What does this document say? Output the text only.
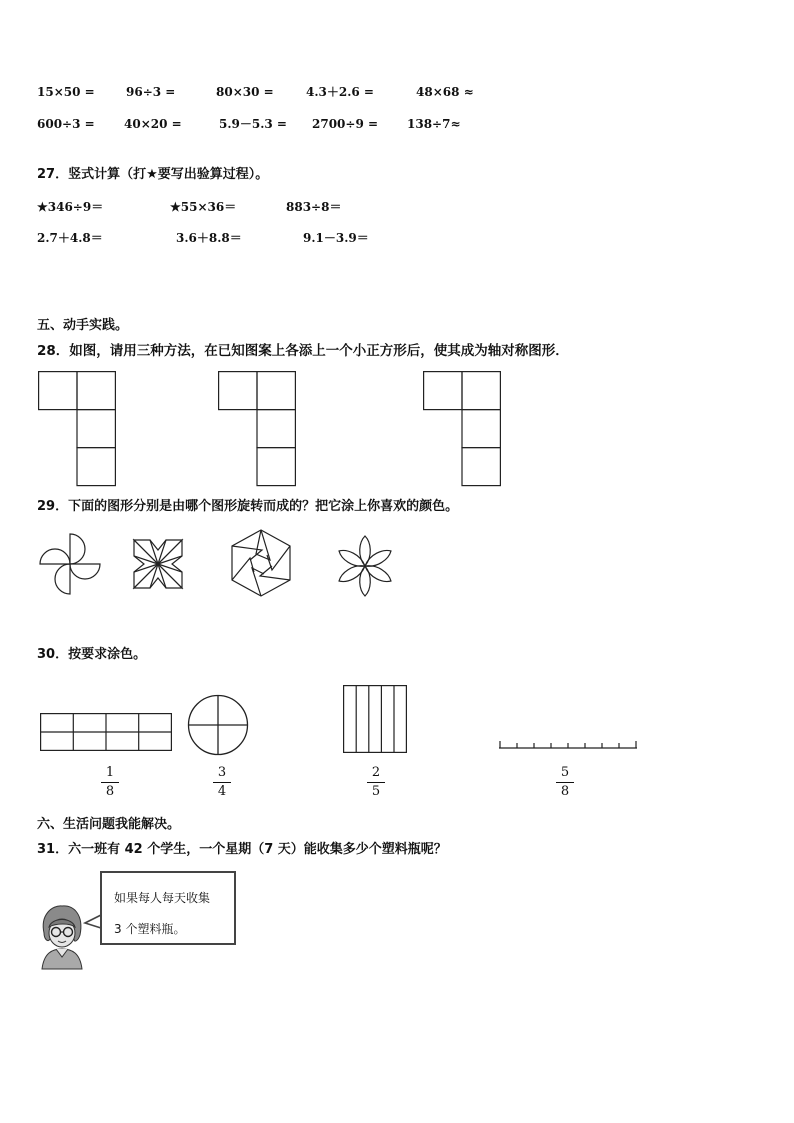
15×50 =	96÷3 =	80×30 =	4.3＋2.6 =	48×68 ≈
600÷3 = 40×20 =	5.9－5.3 = 2700÷9 = 138÷7≈
27．竖式计算（打★要写出验算过程）。
★346÷9＝	★55×36＝	883÷8＝
2.7＋4.8＝	3.6＋8.8＝	9.1－3.9＝
五、动手实践。
28．如图，请用三种方法，在已知图案上各添上一个小正方形后，使其成为轴对称图形．
29．下面的图形分别是由哪个图形旋转而成的？把它涂上你喜欢的颜色。
30．按要求涂色。
1
8
3
4
2
5
5
8
六、生活问题我能解决。
31．六一班有 42 个学生，一个星期（7 天）能收集多少个塑料瓶呢？
如果每人每天收集
3 个塑料瓶。
